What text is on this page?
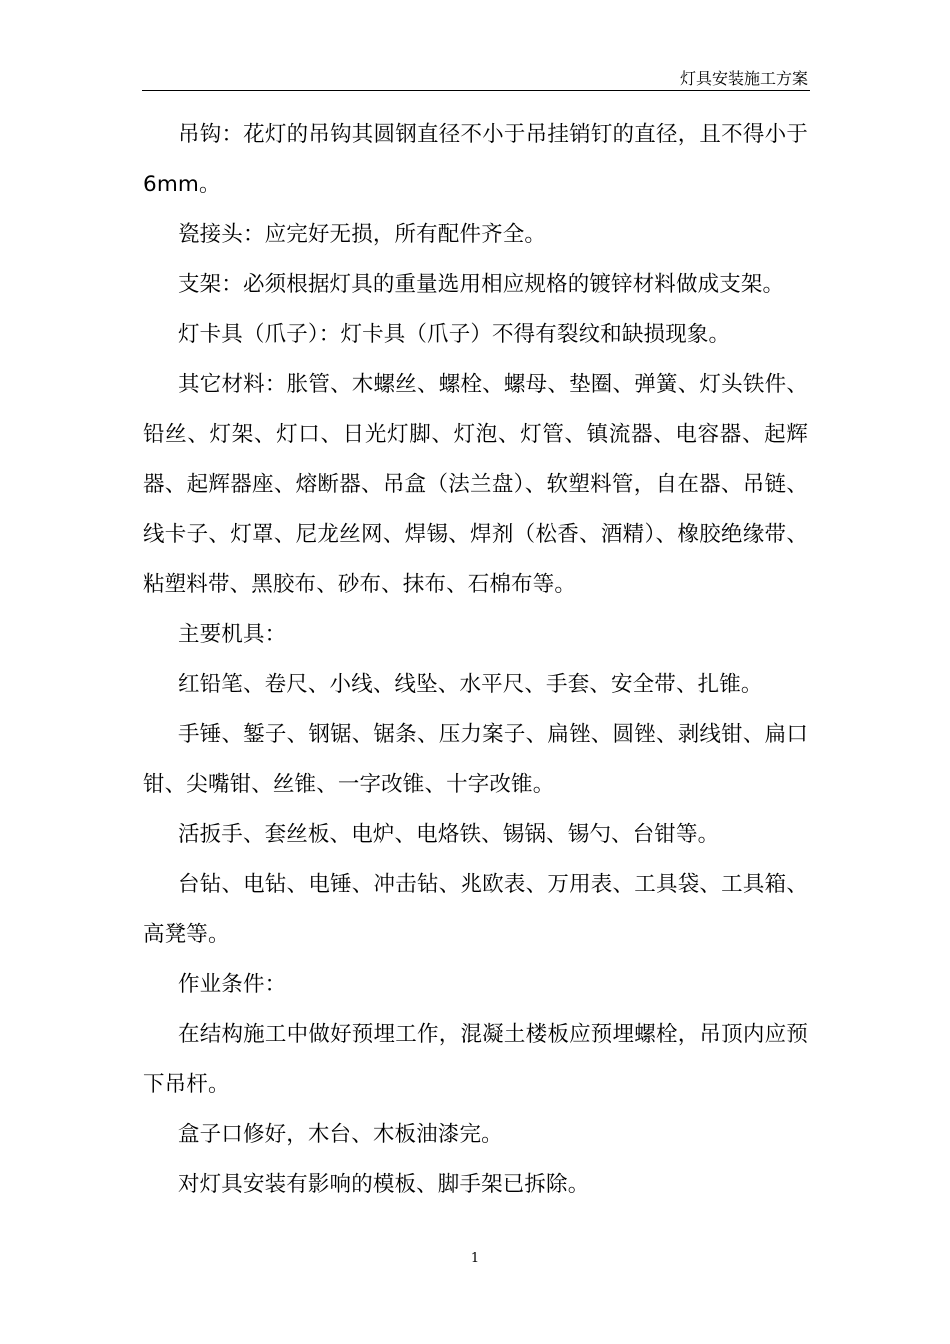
灯具安装施工方案

吊钩：花灯的吊钩其圆钢直径不小于吊挂销钉的直径，且不得小于6mm。

瓷接头：应完好无损，所有配件齐全。

支架：必须根据灯具的重量选用相应规格的镀锌材料做成支架。

灯卡具（爪子）：灯卡具（爪子）不得有裂纹和缺损现象。

其它材料：胀管、木螺丝、螺栓、螺母、垫圈、弹簧、灯头铁件、铅丝、灯架、灯口、日光灯脚、灯泡、灯管、镇流器、电容器、起辉器、起辉器座、熔断器、吊盒（法兰盘）、软塑料管，自在器、吊链、线卡子、灯罩、尼龙丝网、焊锡、焊剂（松香、酒精）、橡胶绝缘带、粘塑料带、黑胶布、砂布、抹布、石棉布等。

主要机具：

红铅笔、卷尺、小线、线坠、水平尺、手套、安全带、扎锥。

手锤、錾子、钢锯、锯条、压力案子、扁锉、圆锉、剥线钳、扁口钳、尖嘴钳、丝锥、一字改锥、十字改锥。

活扳手、套丝板、电炉、电烙铁、锡锅、锡勺、台钳等。

台钻、电钻、电锤、冲击钻、兆欧表、万用表、工具袋、工具箱、高凳等。

作业条件：

在结构施工中做好预埋工作，混凝土楼板应预埋螺栓，吊顶内应预下吊杆。

盒子口修好，木台、木板油漆完。

对灯具安装有影响的模板、脚手架已拆除。

1
